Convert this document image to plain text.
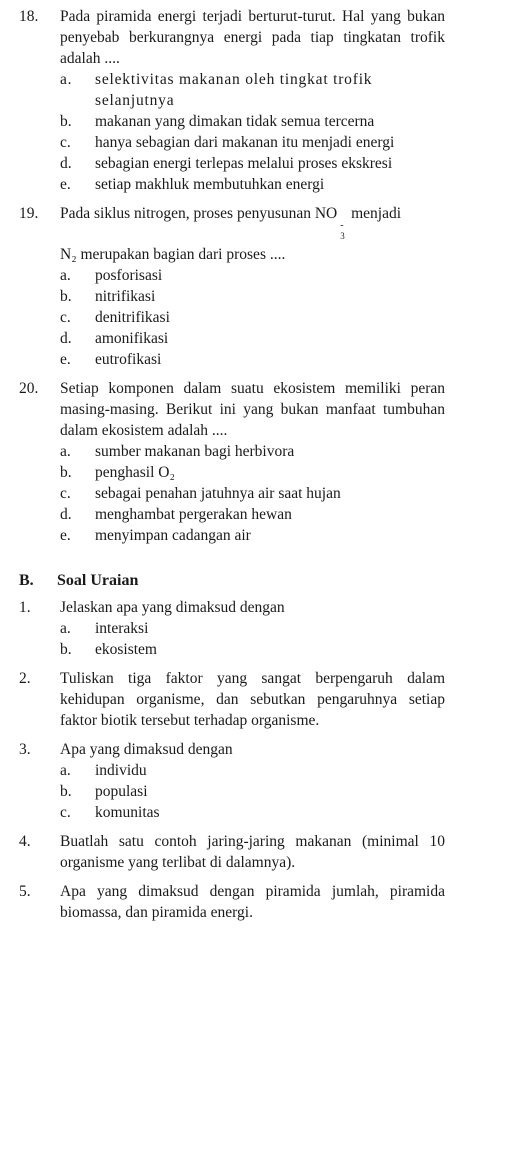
18. Pada piramida energi terjadi berturut-turut. Hal yang bukan penyebab berkurangnya energi pada tiap tingkatan trofik adalah ....
a. selektivitas makanan oleh tingkat trofik selanjutnya
b. makanan yang dimakan tidak semua tercerna
c. hanya sebagian dari makanan itu menjadi energi
d. sebagian energi terlepas melalui proses ekskresi
e. setiap makhluk membutuhkan energi
19. Pada siklus nitrogen, proses penyusunan NO
-
3
menjadi
N₂ merupakan bagian dari proses ....
a. posforisasi
b. nitrifikasi
c. denitrifikasi
d. amonifikasi
e. eutrofikasi
20. Setiap komponen dalam suatu ekosistem memiliki peran masing-masing. Berikut ini yang bukan manfaat tumbuhan dalam ekosistem adalah ....
a. sumber makanan bagi herbivora
b. penghasil O₂
c. sebagai penahan jatuhnya air saat hujan
d. menghambat pergerakan hewan
e. menyimpan cadangan air
B. Soal Uraian
1. Jelaskan apa yang dimaksud dengan
a. interaksi
b. ekosistem
2. Tuliskan tiga faktor yang sangat berpengaruh dalam kehidupan organisme, dan sebutkan pengaruhnya setiap faktor biotik tersebut terhadap organisme.
3. Apa yang dimaksud dengan
a. individu
b. populasi
c. komunitas
4. Buatlah satu contoh jaring-jaring makanan (minimal 10 organisme yang terlibat di dalamnya).
5. Apa yang dimaksud dengan piramida jumlah, piramida biomassa, dan piramida energi.
